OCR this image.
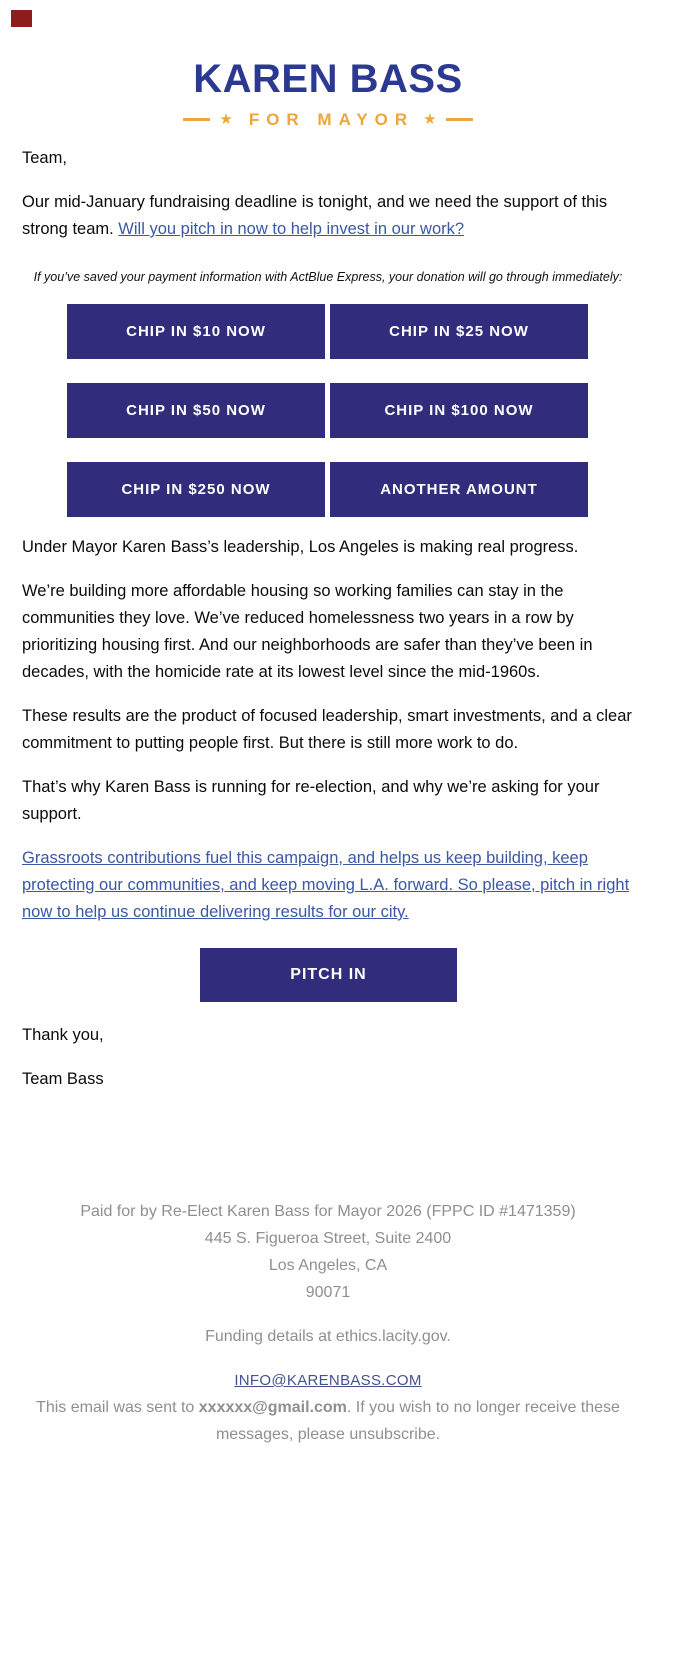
KAREN BASS
★ FOR MAYOR ★

Team,

Our mid-January fundraising deadline is tonight, and we need the support of this strong team. Will you pitch in now to help invest in our work?

If you’ve saved your payment information with ActBlue Express, your donation will go through immediately:

CHIP IN $10 NOW	CHIP IN $25 NOW
CHIP IN $50 NOW	CHIP IN $100 NOW
CHIP IN $250 NOW	ANOTHER AMOUNT

Under Mayor Karen Bass’s leadership, Los Angeles is making real progress.

We’re building more affordable housing so working families can stay in the communities they love. We’ve reduced homelessness two years in a row by prioritizing housing first. And our neighborhoods are safer than they’ve been in decades, with the homicide rate at its lowest level since the mid-1960s.

These results are the product of focused leadership, smart investments, and a clear commitment to putting people first. But there is still more work to do.

That’s why Karen Bass is running for re-election, and why we’re asking for your support.

Grassroots contributions fuel this campaign, and helps us keep building, keep protecting our communities, and keep moving L.A. forward. So please, pitch in right now to help us continue delivering results for our city.

PITCH IN

Thank you,

Team Bass

Paid for by Re-Elect Karen Bass for Mayor 2026 (FPPC ID #1471359)

445 S. Figueroa Street, Suite 2400

Los Angeles, CA

90071

Funding details at ethics.lacity.gov.

INFO@KARENBASS.COM

This email was sent to xxxxxx@gmail.com. If you wish to no longer receive these messages, please unsubscribe.
